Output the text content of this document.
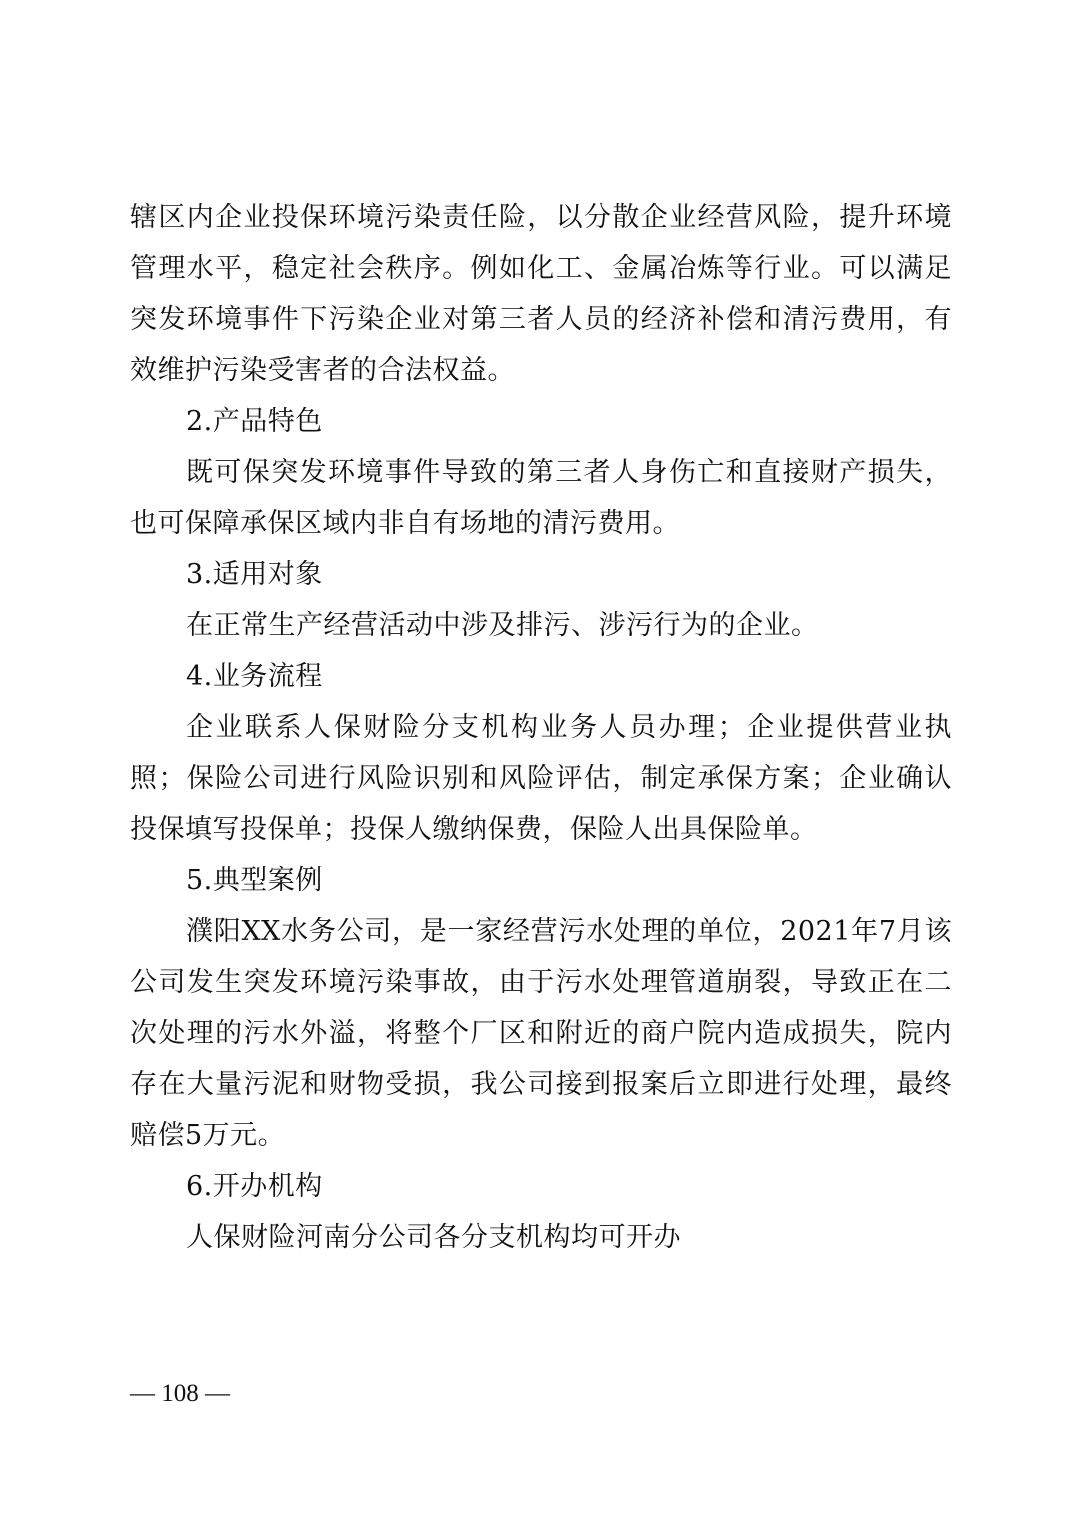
辖区内企业投保环境污染责任险，以分散企业经营风险，提升环境管理水平，稳定社会秩序。例如化工、金属冶炼等行业。可以满足突发环境事件下污染企业对第三者人员的经济补偿和清污费用，有效维护污染受害者的合法权益。

2.产品特色

既可保突发环境事件导致的第三者人身伤亡和直接财产损失，也可保障承保区域内非自有场地的清污费用。

3.适用对象

在正常生产经营活动中涉及排污、涉污行为的企业。

4.业务流程

企业联系人保财险分支机构业务人员办理；企业提供营业执照；保险公司进行风险识别和风险评估，制定承保方案；企业确认投保填写投保单；投保人缴纳保费，保险人出具保险单。

5.典型案例

濮阳XX水务公司，是一家经营污水处理的单位，2021年7月该公司发生突发环境污染事故，由于污水处理管道崩裂，导致正在二次处理的污水外溢，将整个厂区和附近的商户院内造成损失，院内存在大量污泥和财物受损，我公司接到报案后立即进行处理，最终赔偿5万元。

6.开办机构

人保财险河南分公司各分支机构均可开办

— 108 —
